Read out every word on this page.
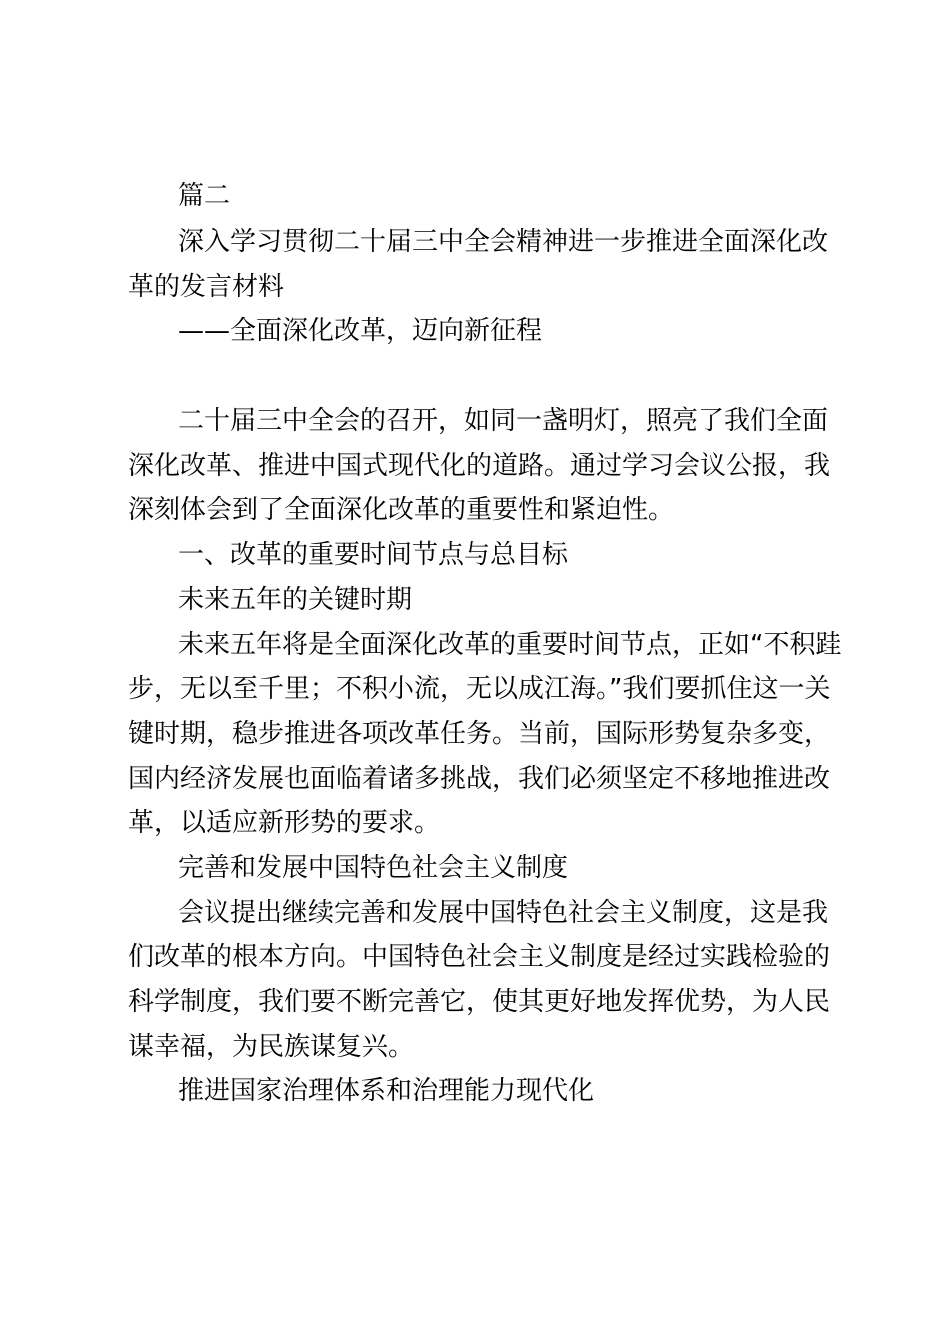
篇二
深入学习贯彻二十届三中全会精神进一步推进全面深化改
革的发言材料
——全面深化改革，迈向新征程
二十届三中全会的召开，如同一盏明灯，照亮了我们全面
深化改革、推进中国式现代化的道路。通过学习会议公报，我
深刻体会到了全面深化改革的重要性和紧迫性。
一、改革的重要时间节点与总目标
未来五年的关键时期
未来五年将是全面深化改革的重要时间节点，正如“不积跬
步，无以至千里；不积小流，无以成江海。”我们要抓住这一关
键时期，稳步推进各项改革任务。当前，国际形势复杂多变，
国内经济发展也面临着诸多挑战，我们必须坚定不移地推进改
革，以适应新形势的要求。
完善和发展中国特色社会主义制度
会议提出继续完善和发展中国特色社会主义制度，这是我
们改革的根本方向。中国特色社会主义制度是经过实践检验的
科学制度，我们要不断完善它，使其更好地发挥优势，为人民
谋幸福，为民族谋复兴。
推进国家治理体系和治理能力现代化
